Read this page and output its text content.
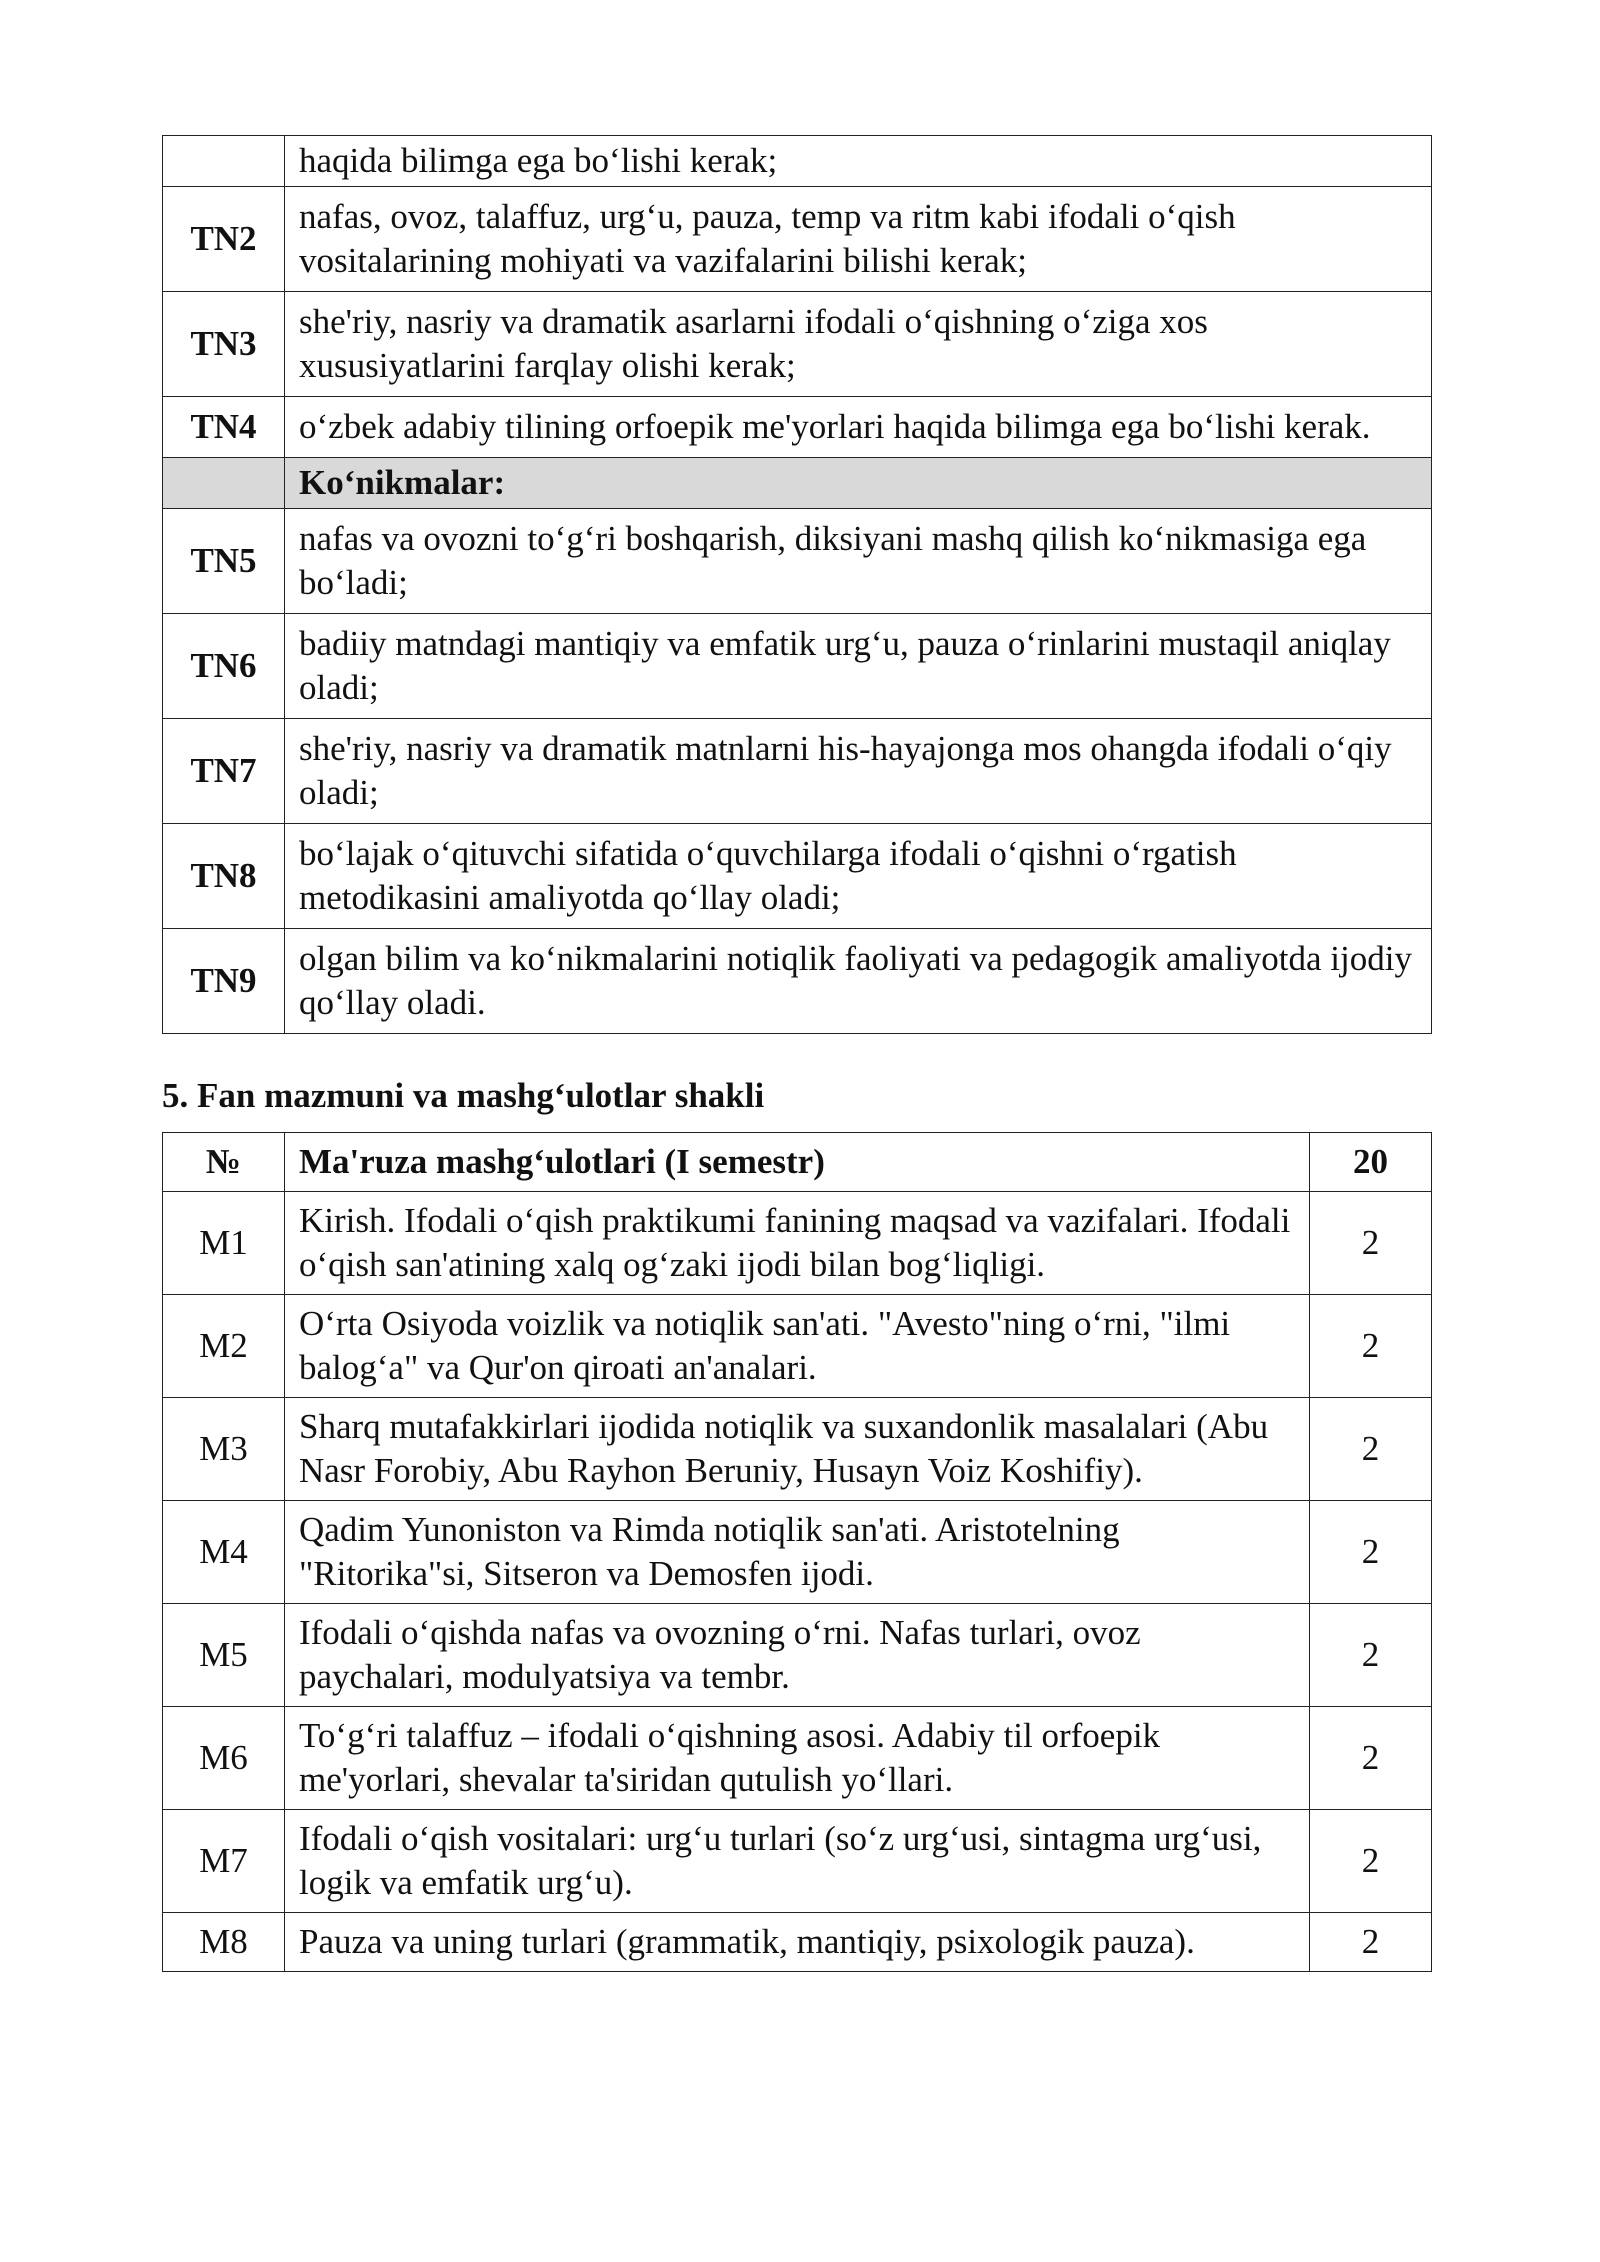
	haqida bilimga ega bo‘lishi kerak;
TN2	nafas, ovoz, talaffuz, urg‘u, pauza, temp va ritm kabi ifodali o‘qish vositalarining mohiyati va vazifalarini bilishi kerak;
TN3	she'riy, nasriy va dramatik asarlarni ifodali o‘qishning o‘ziga xos xususiyatlarini farqlay olishi kerak;
TN4	o‘zbek adabiy tilining orfoepik me'yorlari haqida bilimga ega bo‘lishi kerak.
	Ko‘nikmalar:
TN5	nafas va ovozni to‘g‘ri boshqarish, diksiyani mashq qilish ko‘nikmasiga ega bo‘ladi;
TN6	badiiy matndagi mantiqiy va emfatik urg‘u, pauza o‘rinlarini mustaqil aniqlay oladi;
TN7	she'riy, nasriy va dramatik matnlarni his-hayajonga mos ohangda ifodali o‘qiy oladi;
TN8	bo‘lajak o‘qituvchi sifatida o‘quvchilarga ifodali o‘qishni o‘rgatish metodikasini amaliyotda qo‘llay oladi;
TN9	olgan bilim va ko‘nikmalarini notiqlik faoliyati va pedagogik amaliyotda ijodiy qo‘llay oladi.
5. Fan mazmuni va mashg‘ulotlar shakli
№	Ma'ruza mashg‘ulotlari (I semestr)	20
M1	Kirish. Ifodali o‘qish praktikumi fanining maqsad va vazifalari. Ifodali o‘qish san'atining xalq og‘zaki ijodi bilan bog‘liqligi.	2
M2	O‘rta Osiyoda voizlik va notiqlik san'ati. "Avesto"ning o‘rni, "ilmi balog‘a" va Qur'on qiroati an'analari.	2
M3	Sharq mutafakkirlari ijodida notiqlik va suxandonlik masalalari (Abu Nasr Forobiy, Abu Rayhon Beruniy, Husayn Voiz Koshifiy).	2
M4	Qadim Yunoniston va Rimda notiqlik san'ati. Aristotelning "Ritorika"si, Sitseron va Demosfen ijodi.	2
M5	Ifodali o‘qishda nafas va ovozning o‘rni. Nafas turlari, ovoz paychalari, modulyatsiya va tembr.	2
M6	To‘g‘ri talaffuz – ifodali o‘qishning asosi. Adabiy til orfoepik me'yorlari, shevalar ta'siridan qutulish yo‘llari.	2
M7	Ifodali o‘qish vositalari: urg‘u turlari (so‘z urg‘usi, sintagma urg‘usi, logik va emfatik urg‘u).	2
M8	Pauza va uning turlari (grammatik, mantiqiy, psixologik pauza).	2
